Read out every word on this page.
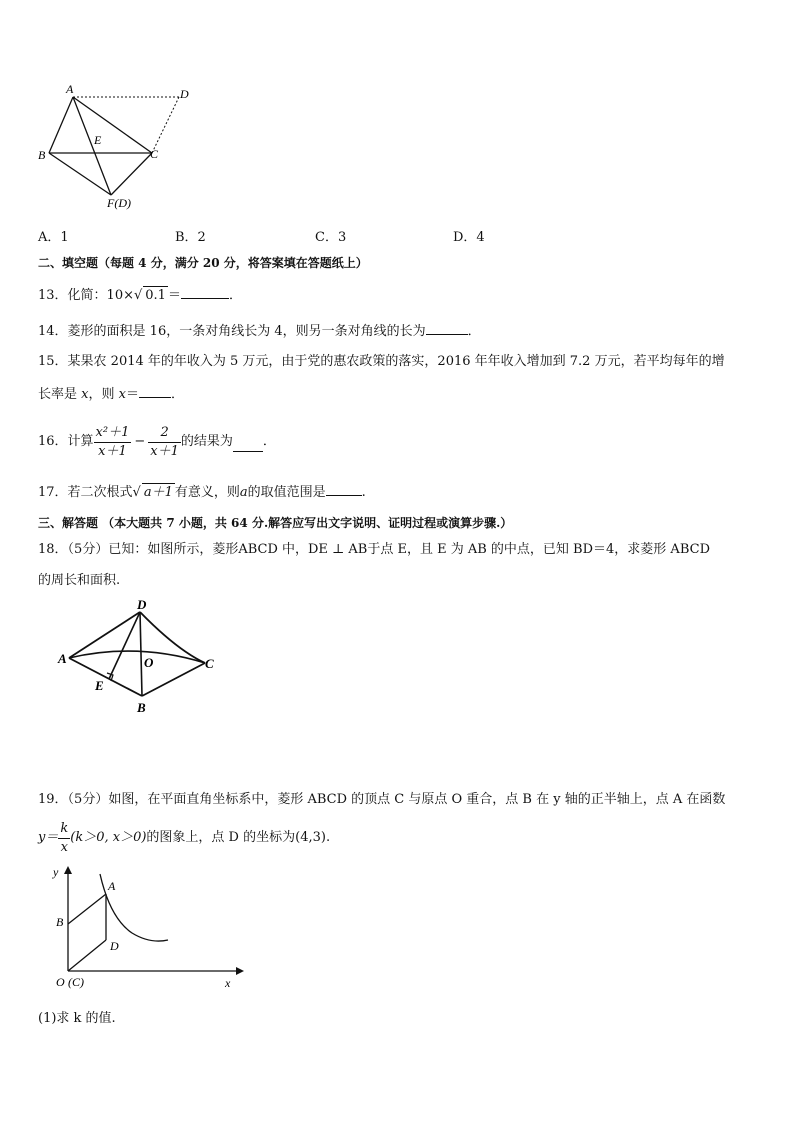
A	D
B	C
E
F(D)
A．1	B．2	C．3	D．4
二、填空题（每题 4 分，满分 20 分，将答案填在答题纸上）
13．化简：10×√ 0.1 ＝	．
14．菱形的面积是 16，一条对角线长为 4，则另一条对角线的长为	．
15．某果农 2014 年的年收入为 5 万元，由于党的惠农政策的落实，2016 年年收入增加到 7.2 万元，若平均每年的增
长率是 x，则 x＝ ．
16．计算 $\frac{\text{x²＋1}}{x+1} - \frac{2}{x+1}$ 的结果为 ．
17．若二次根式√ a＋1 有意义，则a的取值范围是	.
三、解答题 （本大题共 7 小题，共 64 分.解答应写出文字说明、证明过程或演算步骤.）
18．（5分）已知：如图所示，菱形ABCD 中，DE ⊥ AB于点 E，且 E 为 AB 的中点，已知 BD＝4，求菱形 ABCD
的周长和面积.
D
A	O	C
E
B
19．（5分）如图，在平面直角坐标系中，菱形 ABCD 的顶点 C 与原点 O 重合，点 B 在 y 轴的正半轴上，点 A 在函数
$y= \frac{k}{x} (k>0$, x＞0) 的图象上，点 D 的坐标为 (4,3) .
y
x
A
B
D
O (C)
(1)求 k 的值.
